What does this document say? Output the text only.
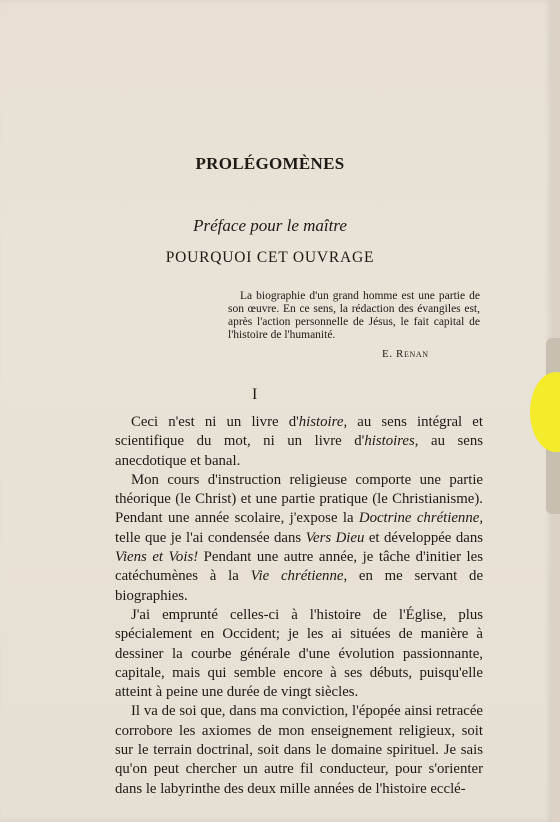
PROLÉGOMÈNES
Préface pour le maître
POURQUOI CET OUVRAGE

La biographie d'un grand homme est une partie de son œuvre. En ce sens, la rédaction des évangiles est, après l'action personnelle de Jésus, le fait capital de l'histoire de l'humanité.

E. Renan

I

Ceci n'est ni un livre d'histoire, au sens intégral et scientifique du mot, ni un livre d'histoires, au sens anecdotique et banal.

Mon cours d'instruction religieuse comporte une partie théorique (le Christ) et une partie pratique (le Christianisme). Pendant une année scolaire, j'expose la Doctrine chrétienne, telle que je l'ai condensée dans Vers Dieu et développée dans Viens et Vois! Pendant une autre année, je tâche d'initier les catéchumènes à la Vie chrétienne, en me servant de biographies.

J'ai emprunté celles-ci à l'histoire de l'Église, plus spécialement en Occident; je les ai situées de manière à dessiner la courbe générale d'une évolution passionnante, capitale, mais qui semble encore à ses débuts, puisqu'elle atteint à peine une durée de vingt siècles.

Il va de soi que, dans ma conviction, l'épopée ainsi retracée corrobore les axiomes de mon enseignement religieux, soit sur le terrain doctrinal, soit dans le domaine spirituel. Je sais qu'on peut chercher un autre fil conducteur, pour s'orienter dans le labyrinthe des deux mille années de l'histoire ecclé-
